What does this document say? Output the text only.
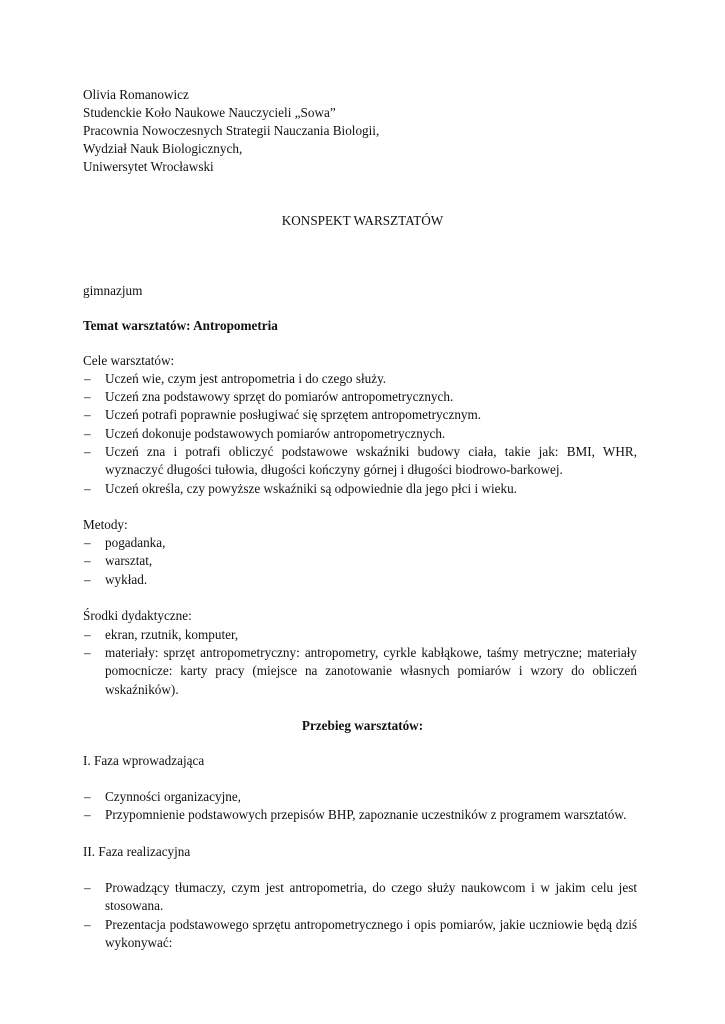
Olivia Romanowicz
Studenckie Koło Naukowe Nauczycieli „Sowa”
Pracownia Nowoczesnych Strategii Nauczania Biologii,
Wydział Nauk Biologicznych,
Uniwersytet Wrocławski
KONSPEKT WARSZTATÓW
gimnazjum
Temat warsztatów: Antropometria
Cele warsztatów:
– Uczeń wie, czym jest antropometria i do czego służy.
– Uczeń zna podstawowy sprzęt do pomiarów antropometrycznych.
– Uczeń potrafi poprawnie posługiwać się sprzętem antropometrycznym.
– Uczeń dokonuje podstawowych pomiarów antropometrycznych.
– Uczeń zna i potrafi obliczyć podstawowe wskaźniki budowy ciała, takie jak: BMI, WHR, wyznaczyć długości tułowia, długości kończyny górnej i długości biodrowo-barkowej.
– Uczeń określa, czy powyższe wskaźniki są odpowiednie dla jego płci i wieku.
Metody:
– pogadanka,
– warsztat,
– wykład.
Środki dydaktyczne:
– ekran, rzutnik, komputer,
– materiały: sprzęt antropometryczny: antropometry, cyrkle kabłąkowe, taśmy metryczne; materiały pomocnicze: karty pracy (miejsce na zanotowanie własnych pomiarów i wzory do obliczeń wskaźników).
Przebieg warsztatów:
I. Faza wprowadzająca
– Czynności organizacyjne,
– Przypomnienie podstawowych przepisów BHP, zapoznanie uczestników z programem warsztatów.
II. Faza realizacyjna
– Prowadzący tłumaczy, czym jest antropometria, do czego służy naukowcom i w jakim celu jest stosowana.
– Prezentacja podstawowego sprzętu antropometrycznego i opis pomiarów, jakie uczniowie będą dziś wykonywać:
